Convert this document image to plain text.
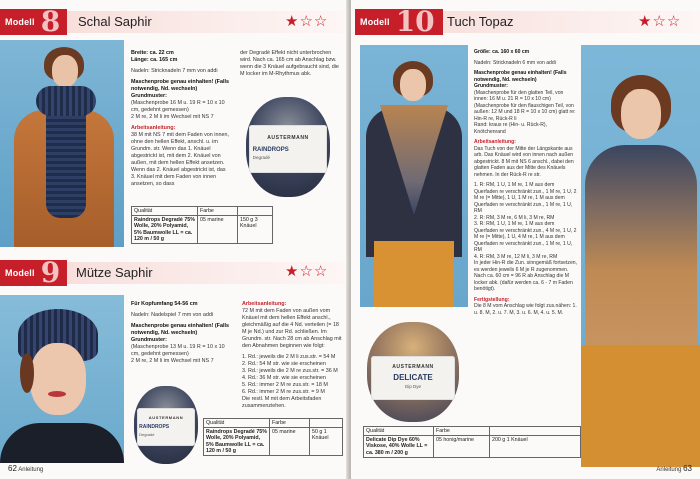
Modell 8 Schal Saphir	★☆☆

Breite: ca. 22 cm
Länge: ca. 165 cm

Nadeln: Stricknadeln 7 mm von addi

Maschenprobe genau einhalten! (Falls notwendig, Nd. wechseln)
Grundmuster:
(Maschenprobe 16 M u. 19 R = 10 x 10 cm, gedehnt gemessen)
2 M re, 2 M li im Wechsel mit NS 7

Arbeitsanleitung:
38 M mit NS 7 mit dem Faden von innen, ohne den hellen Effekt, anschl. u. im Grundm. str. Wenn das 1. Knäuel abgestrickt ist, mit dem 2. Knäuel von außen, mit dem hellen Effekt ansetzen. Wenn das 2. Knäuel abgestrickt ist, das 3. Knäuel mit dem Faden von innen ansetzen, so dass

der Degradé Effekt nicht unterbrochen wird. Nach ca. 165 cm ab Anschlag bzw. wenn die 3 Knäuel aufgebraucht sind, die M locker im M-Rhythmus abk.

AUSTERMANN
RAINDROPS
Degradé
Qualität	Farbe	
Raindrops Degradé 75% Wolle, 20% Polyamid, 5% Baumwolle LL = ca. 120 m / 50 g	05 marine	150 g 3 Knäuel
Modell 9 Mütze Saphir	★☆☆

Für Kopfumfang 54-56 cm

Nadeln: Nadelspiel 7 mm von addi

Maschenprobe genau einhalten! (Falls notwendig, Nd. wechseln)
Grundmuster:
(Maschenprobe 13 M u. 19 R = 10 x 10 cm, gedehnt gemessen)
2 M re, 2 M li im Wechsel mit NS 7

Arbeitsanleitung:
72 M mit dem Faden von außen vom Knäuel mit dem hellen Effekt anschl., gleichmäßig auf die 4 Nd. verteilen (= 18 M je Nd.) und zur Rd. schließen. Im Grundm. str. Nach 28 cm ab Anschlag mit den Abnahmen beginnen wie folgt:

1. Rd.: jeweils die 2 M li zus.str. = 54 M
2. Rd.: 54 M str. wie sie erscheinen
3. Rd.: jeweils die 2 M re zus.str. = 36 M
4. Rd.: 36 M str. wie sie erscheinen
5. Rd.: immer 2 M re zus.str. = 18 M
6. Rd.: immer 2 M re zus.str. = 9 M
Die restl. M mit dem Arbeitsfaden zusammenziehen.

AUSTERMANN
RAINDROPS
Degradé
Qualität	Farbe	
Raindrops Degradé 75% Wolle, 20% Polyamid, 5% Baumwolle LL = ca. 120 m / 50 g	05 marine	50 g 1 Knäuel
62 Anleitung
Modell 10 Tuch Topaz	★☆☆

Größe: ca. 160 x 60 cm

Nadeln: Stricknadeln 6 mm von addi

Maschenprobe genau einhalten! (Falls notwendig, Nd. wechseln)
Grundmuster:
(Maschenprobe für den glatten Teil, von innen: 16 M u. 21 R = 10 x 10 cm) (Maschenprobe für den flauschigen Teil, von außen: 12 M und 18 R = 10 x 10 cm) glatt re: Hin-R re, Rück-R li
Rand: kraus re (Hin- u. Rück-R), Knötchenrand

Arbeitsanleitung:
Das Tuch von der Mitte der Längskante aus arb. Das Knäuel wird von innen nach außen abgestrickt. 8 M mit NS 6 anschl., dabei den glatten Faden aus der Mitte des Knäuels nehmen. In der Rück-R re str.

1. R: RM, 1 U, 1 M re, 1 M aus dem Querfaden re verschränkt zun., 1 M re, 1 U, 2 M re (= Mitte), 1 U, 1 M re, 1 M aus dem Querfaden re verschränkt zun., 1 M re, 1 U, RM
2. R: RM, 3 M re, 6 M li, 3 M re, RM
3. R: RM, 1 U, 1 M re, 1 M aus dem Querfaden re verschränkt zun., 4 M re, 1 U, 2 M re (= Mitte), 1 U, 4 M re, 1 M aus dem Querfaden re verschränkt zun., 1 M re, 1 U, RM
4. R: RM, 3 M re, 12 M li, 3 M re, RM
In jeder Hin-R die Zun. sinngemäß fortsetzen, es werden jeweils 6 M je R zugenommen. Nach ca. 60 cm = 96 R ab Anschlag die M locker abk. (dafür werden ca. 6 - 7 m Faden benötigt).

Fertigstellung:
Die 8 M vom Anschlag wie folgt zus.nähen: 1. u. 8. M, 2. u. 7. M, 3. u. 6. M, 4. u. 5. M.

AUSTERMANN
DELICATE
Dip Dye
Qualität	Farbe	
Delicate Dip Dye 60% Viskose, 40% Wolle LL = ca. 380 m / 200 g	05 honig/marine	200 g 1 Knäuel
Anleitung 63
